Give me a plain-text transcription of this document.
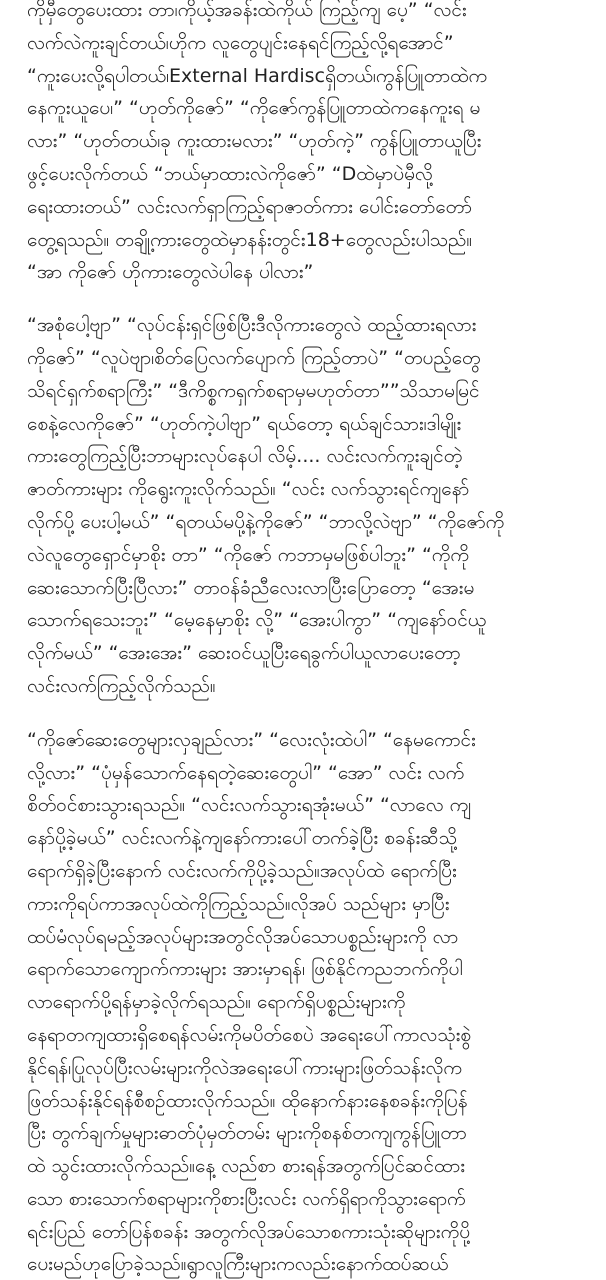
ကိုမှီတွေပေးထား တာ၊ကိုယ့်အခန်းထဲကိုယ် ကြည့်ကျ ပေ့” “လင်း
လက်လဲကူးချင်တယ်၊ဟိုက လူတွေပျင်းနေရင်ကြည့်လို့ရအောင်”
“ကူးပေးလို့ရပါတယ်၊External Hardiscရှိတယ်၊ကွန်ပြူတာထဲက
နေကူးယူပေ၊” “ဟုတ်ကိုဇော်” “ကိုဇော်ကွန်ပြူတာထဲကနေကူးရ မ
လား” “ဟုတ်တယ်၊ခု ကူးထားမလား” “ဟုတ်ကဲ့” ကွန်ပြူတာယူပြီး
ဖွင့်ပေးလိုက်တယ် “ဘယ်မှာထားလဲကိုဇော်” “Dထဲမှာပဲမှီလို့
ရေးထားတယ်” လင်းလက်ရှာကြည့်ရာဇာတ်ကား ပေါင်းတော်တော်
တွေ့ရသည်။ တချို့ကားတွေထဲမှာနန်းတွင်း18+တွေလည်းပါသည်။
“အာ ကိုဇော် ဟိုကားတွေလဲပါနေ ပါလား”
“အစုံပေါ့ဗျာ” “လုပ်ငန်းရှင်ဖြစ်ပြီးဒီလိုကားတွေလဲ ထည့်ထားရလား
ကိုဇော်” “လူပဲဗျာ၊စိတ်ပြေလက်ပျောက် ကြည့်တာပဲ” “တပည့်တွေ
သိရင်ရှက်စရာကြီး” “ဒီကိစ္စကရှက်စရာမှမဟုတ်တာ””သိသာမမြင်
စေနဲ့လေကိုဇော်” “ဟုတ်ကဲ့ပါဗျာ” ရယ်တော့ ရယ်ချင်သား၊ဒါမျိုး
ကားတွေကြည့်ပြီးဘာများလုပ်နေပါ လိမ့်.... လင်းလက်ကူးချင်တဲ့
ဇာတ်ကားများ ကိုရွေးကူးလိုက်သည်။ “လင်း လက်သွားရင်ကျနော်
လိုက်ပို့ ပေးပါ့မယ်” “ရတယ်မပို့နဲ့ကိုဇော်” “ဘာလို့လဲဗျာ” “ကိုဇော်ကို
လဲလူတွေရှောင်မှာစိုး တာ” “ကိုဇော် ကဘာမှမဖြစ်ပါဘူး” “ကိုကို
ဆေးသောက်ပြီးပြီလား” တာဝန်ခံညီလေးလာပြီးပြောတော့ “အေးမ
သောက်ရသေးဘူး” “မေ့နေမှာစိုး လို့” “အေးပါကွာ” “ကျနော်ဝင်ယူ
လိုက်မယ်” “အေးအေး” ဆေးဝင်ယူပြီးရေခွက်ပါယူလာပေးတော့
လင်းလက်ကြည့်လိုက်သည်။
“ကိုဇော်ဆေးတွေများလှချည်လား” “လေးလုံးထဲပါ” “နေမကောင်း
လို့လား” “ပုံမှန်သောက်နေရတဲ့ဆေးတွေပါ” “အော” လင်း လက်
စိတ်ဝင်စားသွားရသည်။ “လင်းလက်သွားရအုံးမယ်” “လာလေ ကျ
နော်ပို့ခဲ့မယ်” လင်းလက်နဲ့ကျနော်ကားပေါ်တက်ခဲ့ပြီး စခန်းဆီသို့
ရောက်ရှိခဲ့ပြီးနောက် လင်းလက်ကိုပို့ခဲ့သည်။အလုပ်ထဲ ရောက်ပြီး
ကားကိုရပ်ကာအလုပ်ထဲကိုကြည့်သည်။လိုအပ် သည်များ မှာပြီး
ထပ်မံလုပ်ရမည့်အလုပ်များအတွင်လိုအပ်သောပစ္စည်းများကို လာ
ရောက်သောကျောက်ကားများ အားမှာရန်၊ ဖြစ်နိုင်ကညဘက်ကိုပါ
လာရောက်ပို့ရန်မှာခဲ့လိုက်ရသည်။ ရောက်ရှိပစ္စည်းများကို
နေရာတကျထားရှိစေရန်လမ်းကိုမပိတ်စေပဲ အရေးပေါ်ကာလသုံးစွဲ
နိုင်ရန်၊ပြုလုပ်ပြီးလမ်းများကိုလဲအရေးပေါ်ကားများဖြတ်သန်းလိုက
ဖြတ်သန်းနိုင်ရန်စီစဉ်ထားလိုက်သည်။ ထိုနောက်နားနေစခန်းကိုပြန်
ပြီး တွက်ချက်မှုများဓာတ်ပုံမှတ်တမ်း များကိုစနစ်တကျကွန်ပြူတာ
ထဲ သွင်းထားလိုက်သည်။နေ့ လည်စာ စားရန်အတွက်ပြင်ဆင်ထား
သော စားသောက်စရာများကိုစားပြီးလင်း လက်ရှိရာကိုသွားရောက်
ရင်းပြည် တော်ပြန်စခန်း အတွက်လိုအပ်သောစကားသုံးဆိုများကိုပို့
ပေးမည်ဟုပြောခဲ့သည်။ရွာလူကြီးများကလည်းနောက်ထပ်ဆယ်
